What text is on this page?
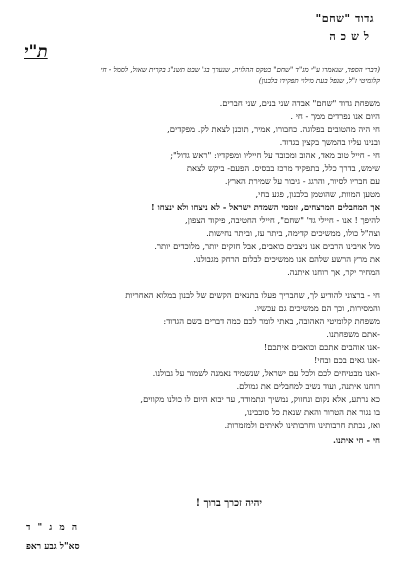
גדוד "שחם"
לשכה
ת"י
(דברי הספד, שנאמרו ע"י מג"ד "שחם" בטקס ההלויה, שנערך בג' שבט תשנ"ג בקרית שאול, לסמל - חי
קלומיטי ז"ל, שנפל בעת מילוי תפקידו בלבנון)
משפחת גדוד "שחם" אבדה שני בנים, שני חברים.
היום אנו נפרדים ממך - חי .
חי היה מהטובים בפלוגה. כחבורו, אמיר, תוכנן לצאת לק. מפקדים,
ובנינו עליו בהמשך בקצין בגדוד.
חי - חייל טוב מאד, אהוב ומכובד על חייליו ומפקדיו: "ראש גדול";
שימש, בדרך כלל, בתפקיד מרכז בבסיס. הפעם- ביקש לצאת
עם חבריו לסיור, והרגג - גיבור על שמירת הארץ.
מטען המוות, שהוטמן בלבנון, פגע בחי,
אך המחבלים המרצחים, זוממי השמדת ישראל - לא ניצחו ולא ינצחו !
להיפך ! אנו - חיילי גד' "שחם", חיילי החטיבה, פיקוד הצפון,
וצה"ל כולו, ממשיכים קדימה, ביתר עז, וביתר נחישות.
מול אויבינו הרבים אנו ניצבים כואבים, אבל חזקים יותר, מלוכדים יותר.
את מרץ הרשע שלהם אנו ממשיכים לבלום הרחק מגבולנו.
המחיר יקר, אך רוחנו איתנה.
חי - ברצוני להודיע לך, שחבריך פעלו בתנאים הקשים של לבנון במלוא האחריות
והמסירות, וכך הם ממשיכים גם עכשיו.
משפחת קלומיטי האהובה, באתי לומר לכם כמה דברים בשם הגדוד:
-אתם משפחתנו.
-אנו אוהבים אתכם וכואבים איתכם!
-אנו גאים בכם ובחי!
-ואנו מבטיחים לכם ולכל עם ישראל, שנשמיד נאמנה לשמור על גבולנו.
רוחנו איתנה, ועוד נשיב למחבלים את גמולם.
כא נרתע, אלא נקום ונחזוק, נמשיך ונתמודד, עד יבוא היום לו כולנו מקווים,
בו נגור את הטרור והאת שנאת כל סובבינו,
ואז, נכתת חרבותינו וחרבותינו לאיתים ולמזמרות.
חי - חי איתנו.
יהיה זכרך ברוך !
ה מ ג " ד
סא"ל גבע ראפ
